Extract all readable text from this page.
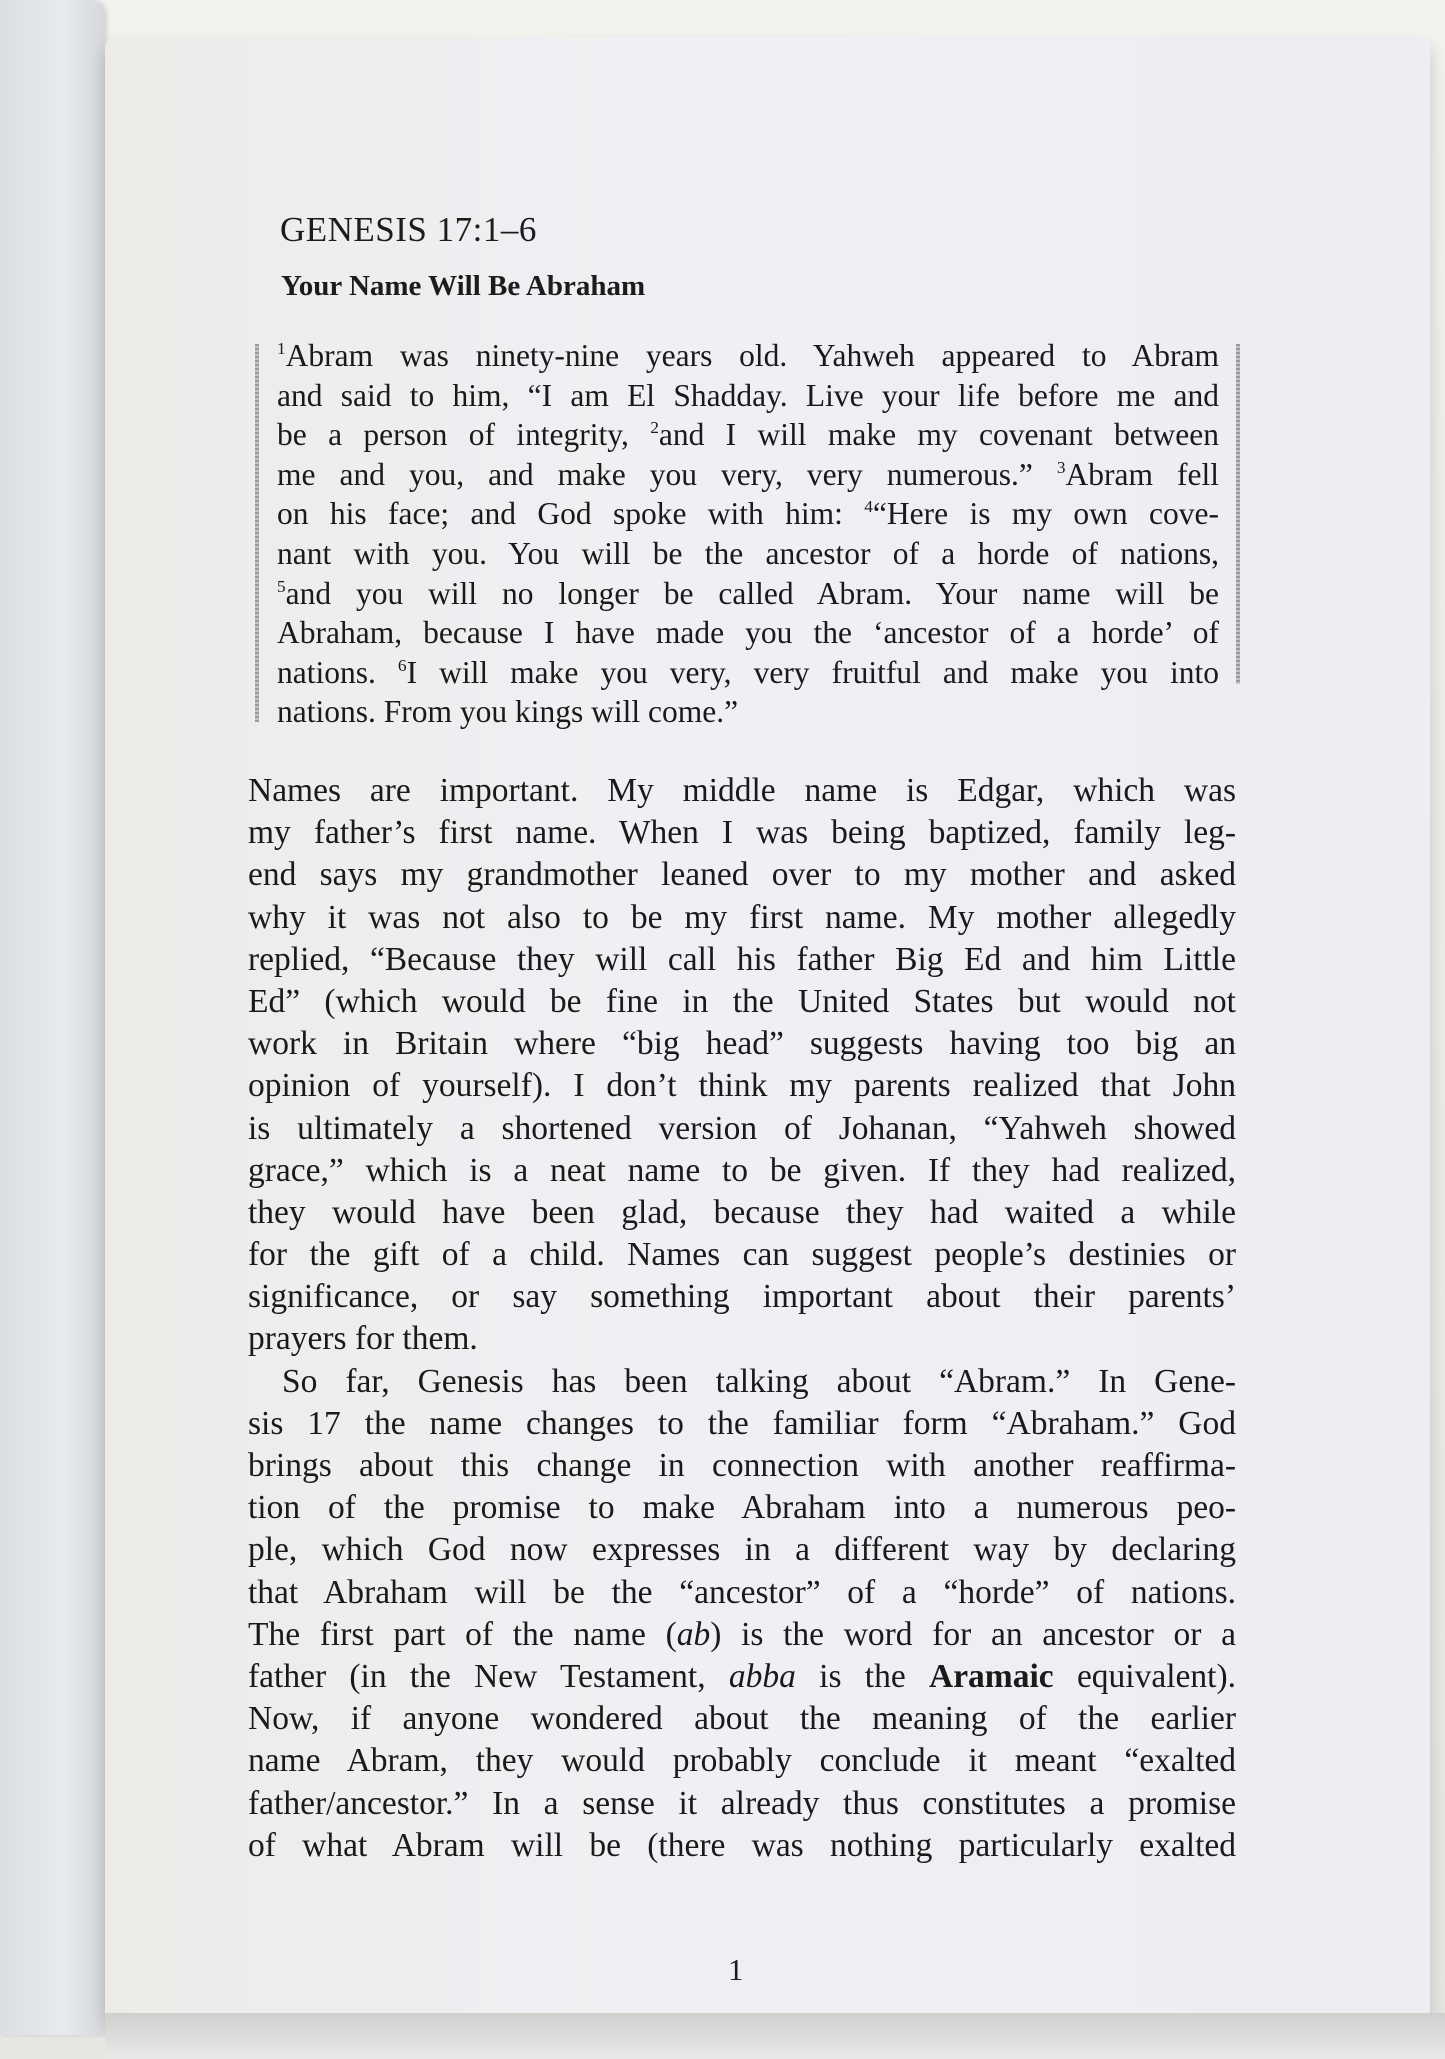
GENESIS 17:1–6
Your Name Will Be Abraham
$^1$Abram was ninety-nine years old. Yahweh appeared to Abram
and said to him, “I am El Shadday. Live your life before me and
be a person of integrity, $^2$and I will make my covenant between
me and you, and make you very, very numerous.” $^3$Abram fell
on his face; and God spoke with him: $^4$“Here is my own cove-
nant with you. You will be the ancestor of a horde of nations,
$^5$and you will no longer be called Abram. Your name will be
Abraham, because I have made you the ‘ancestor of a horde’ of
nations. $^6$I will make you very, very fruitful and make you into
nations. From you kings will come.”
Names are important. My middle name is Edgar, which was
my father’s first name. When I was being baptized, family leg-
end says my grandmother leaned over to my mother and asked
why it was not also to be my first name. My mother allegedly
replied, “Because they will call his father Big Ed and him Little
Ed” (which would be fine in the United States but would not
work in Britain where “big head” suggests having too big an
opinion of yourself). I don’t think my parents realized that John
is ultimately a shortened version of Johanan, “Yahweh showed
grace,” which is a neat name to be given. If they had realized,
they would have been glad, because they had waited a while
for the gift of a child. Names can suggest people’s destinies or
significance, or say something important about their parents’
prayers for them.
So far, Genesis has been talking about “Abram.” In Gene-
sis 17 the name changes to the familiar form “Abraham.” God
brings about this change in connection with another reaffirma-
tion of the promise to make Abraham into a numerous peo-
ple, which God now expresses in a different way by declaring
that Abraham will be the “ancestor” of a “horde” of nations.
The first part of the name (ab) is the word for an ancestor or a
father (in the New Testament, abba is the Aramaic equivalent).
Now, if anyone wondered about the meaning of the earlier
name Abram, they would probably conclude it meant “exalted
father/ancestor.” In a sense it already thus constitutes a promise
of what Abram will be (there was nothing particularly exalted
1
